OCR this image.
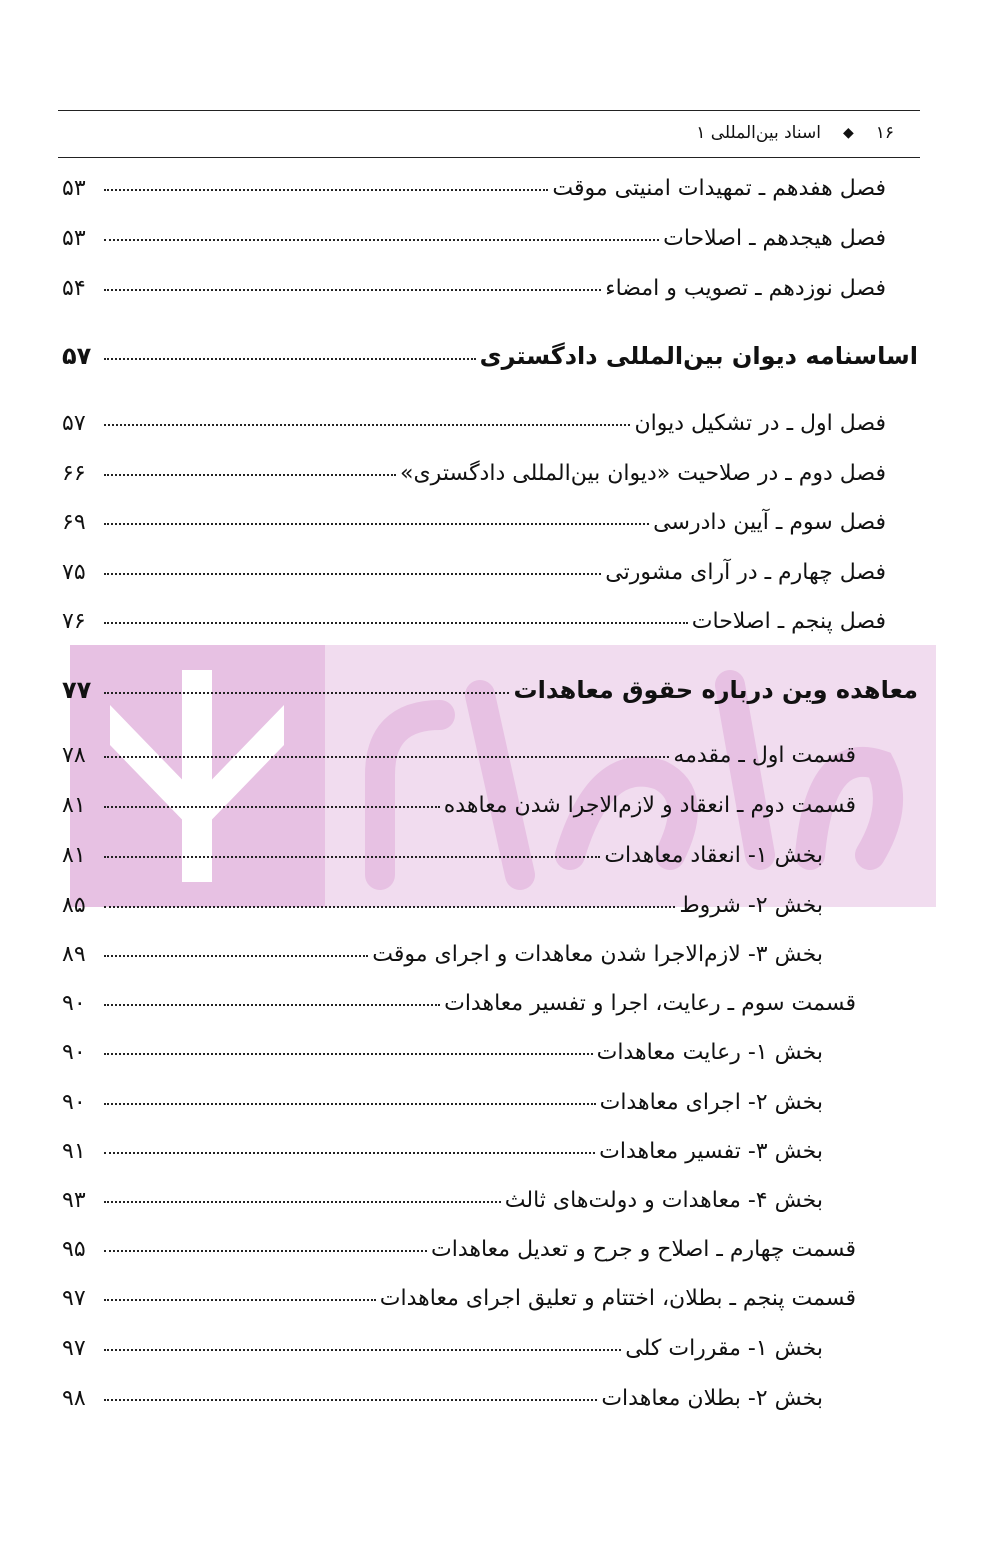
۱۶
◆
اسناد بین‌المللی ۱
فصل هفدهم ـ تمهیدات امنیتی موقت
۵۳
فصل هیجدهم ـ اصلاحات
۵۳
فصل نوزدهم ـ تصویب و امضاء
۵۴
اساسنامه دیوان بین‌المللی دادگستری
۵۷
فصل اول ـ در تشکیل دیوان
۵۷
فصل دوم ـ در صلاحیت «دیوان بین‌المللی دادگستری»
۶۶
فصل سوم ـ آیین دادرسی
۶۹
فصل چهارم ـ در آرای مشورتی
۷۵
فصل پنجم ـ اصلاحات
۷۶
معاهده وین درباره حقوق معاهدات
۷۷
قسمت اول ـ مقدمه
۷۸
قسمت دوم ـ انعقاد و لازم‌الاجرا شدن معاهده
۸۱
بخش ۱- انعقاد معاهدات
۸۱
بخش ۲- شروط
۸۵
بخش ۳- لازم‌الاجرا شدن معاهدات و اجرای موقت
۸۹
قسمت سوم ـ رعایت، اجرا و تفسیر معاهدات
۹۰
بخش ۱- رعایت معاهدات
۹۰
بخش ۲- اجرای معاهدات
۹۰
بخش ۳- تفسیر معاهدات
۹۱
بخش ۴- معاهدات و دولت‌های ثالث
۹۳
قسمت چهارم ـ اصلاح و جرح و تعدیل معاهدات
۹۵
قسمت پنجم ـ بطلان، اختتام و تعلیق اجرای معاهدات
۹۷
بخش ۱- مقررات کلی
۹۷
بخش ۲- بطلان معاهدات
۹۸
